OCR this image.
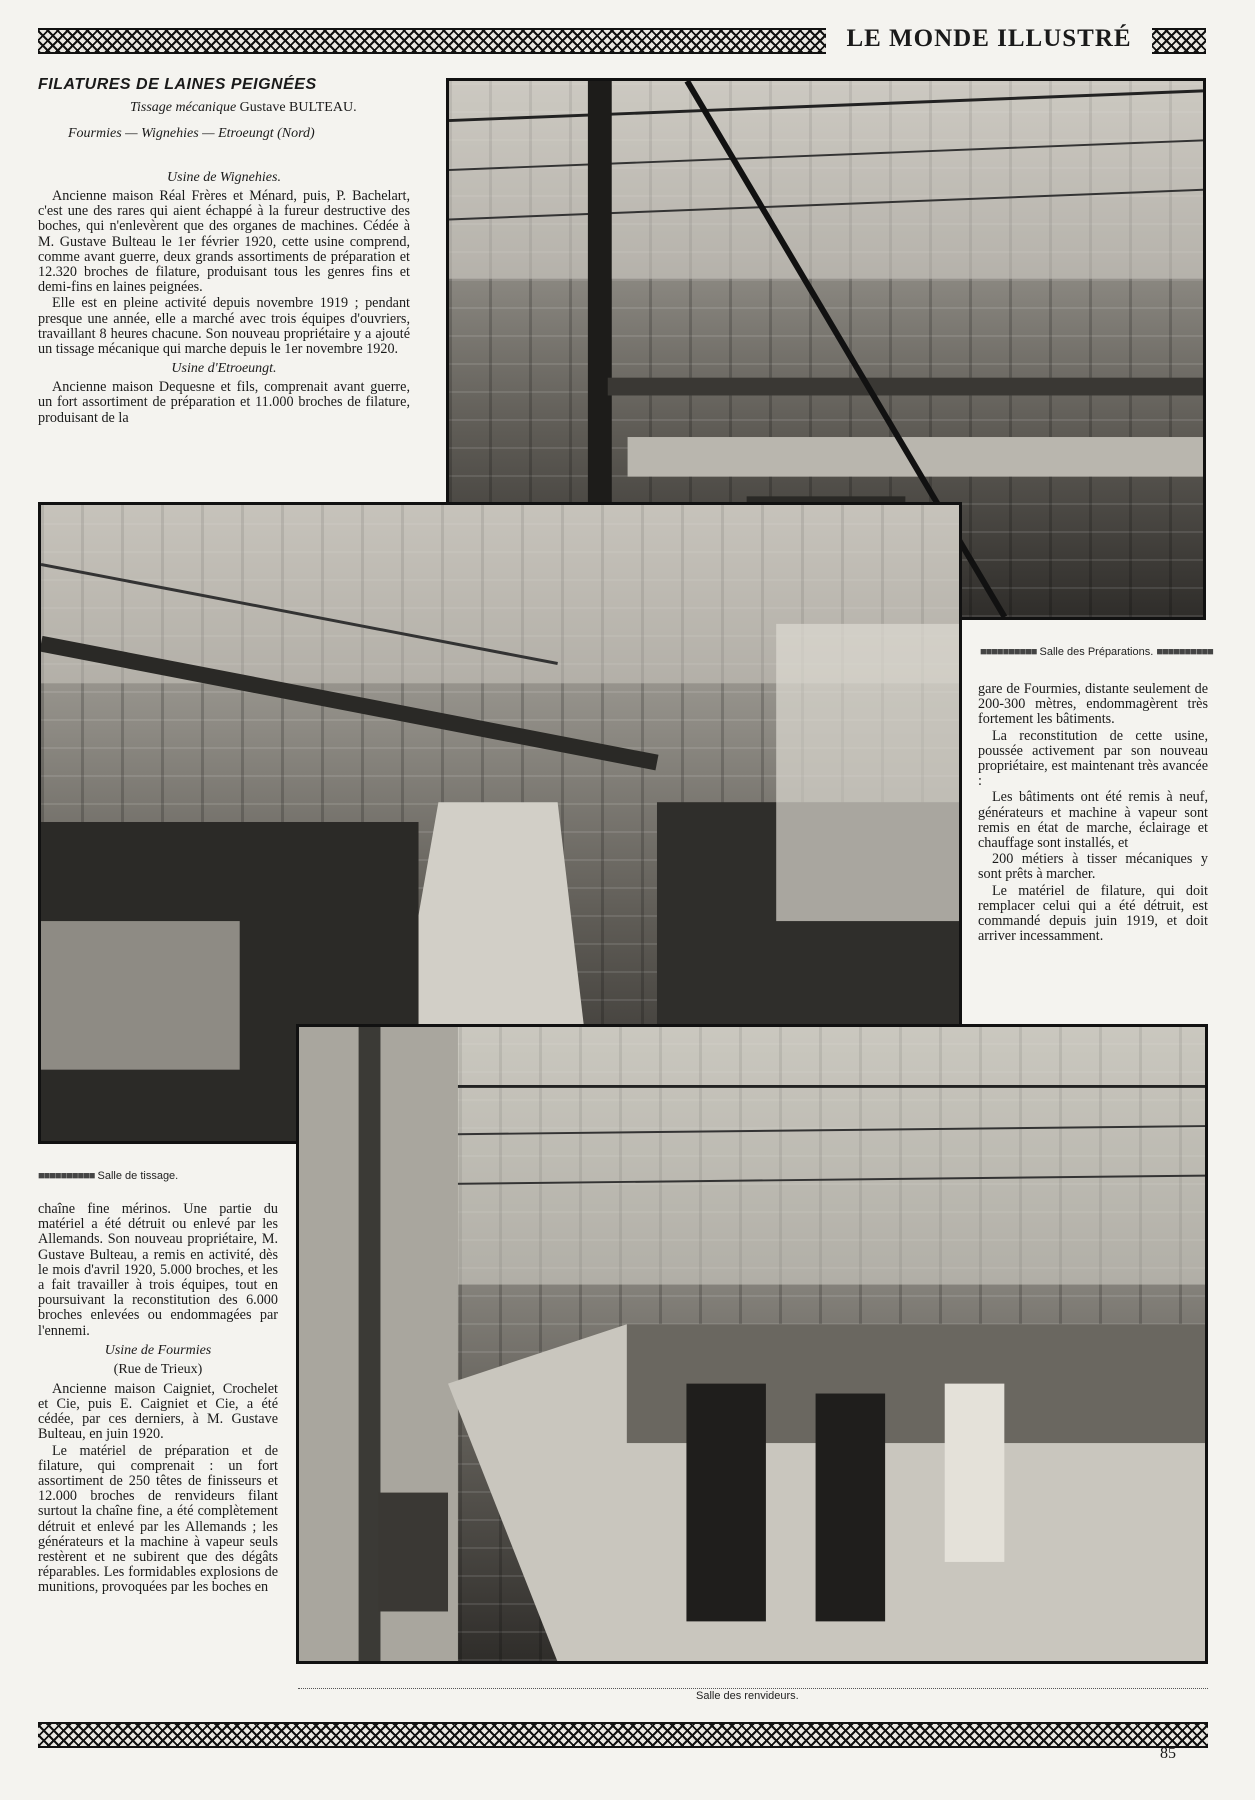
LE MONDE ILLUSTRÉ
FILATURES DE LAINES PEIGNÉES
Tissage mécanique Gustave BULTEAU.
Fourmies — Wignehies — Etroeungt (Nord)
Usine de Wignehies.

Ancienne maison Réal Frères et Ménard, puis, P. Bachelart, c'est une des rares qui aient échappé à la fureur destructive des boches, qui n'enlevèrent que des organes de machines. Cédée à M. Gustave Bulteau le 1er février 1920, cette usine comprend, comme avant guerre, deux grands assortiments de préparation et 12.320 broches de filature, produisant tous les genres fins et demi-fins en laines peignées.

Elle est en pleine activité depuis novembre 1919 ; pendant presque une année, elle a marché avec trois équipes d'ouvriers, travaillant 8 heures chacune. Son nouveau propriétaire y a ajouté un tissage mécanique qui marche depuis le 1er novembre 1920.

Usine d'Etroeungt.

Ancienne maison Dequesne et fils, comprenait avant guerre, un fort assortiment de préparation et 11.000 broches de filature, produisant de la

■■■■■■■■■■ Salle des Préparations. ■■■■■■■■■■
■■■■■■■■■■ Salle de tissage.

gare de Fourmies, distante seulement de 200-300 mètres, endommagèrent très fortement les bâtiments.

La reconstitution de cette usine, poussée activement par son nouveau propriétaire, est maintenant très avancée :

Les bâtiments ont été remis à neuf, générateurs et machine à vapeur sont remis en état de marche, éclairage et chauffage sont installés, et

200 métiers à tisser mécaniques y sont prêts à marcher.

Le matériel de filature, qui doit remplacer celui qui a été détruit, est commandé depuis juin 1919, et doit arriver incessamment.

chaîne fine mérinos. Une partie du matériel a été détruit ou enlevé par les Allemands. Son nouveau propriétaire, M. Gustave Bulteau, a remis en activité, dès le mois d'avril 1920, 5.000 broches, et les a fait travailler à trois équipes, tout en poursuivant la reconstitution des 6.000 broches enlevées ou endommagées par l'ennemi.

Usine de Fourmies
(Rue de Trieux)

Ancienne maison Caigniet, Crochelet et Cie, puis E. Caigniet et Cie, a été cédée, par ces derniers, à M. Gustave Bulteau, en juin 1920.

Le matériel de préparation et de filature, qui comprenait : un fort assortiment de 250 têtes de finisseurs et 12.000 broches de renvideurs filant surtout la chaîne fine, a été complètement détruit et enlevé par les Allemands ; les générateurs et la machine à vapeur seuls restèrent et ne subirent que des dégâts réparables. Les formidables explosions de munitions, provoquées par les boches en

Salle des renvideurs.
85
